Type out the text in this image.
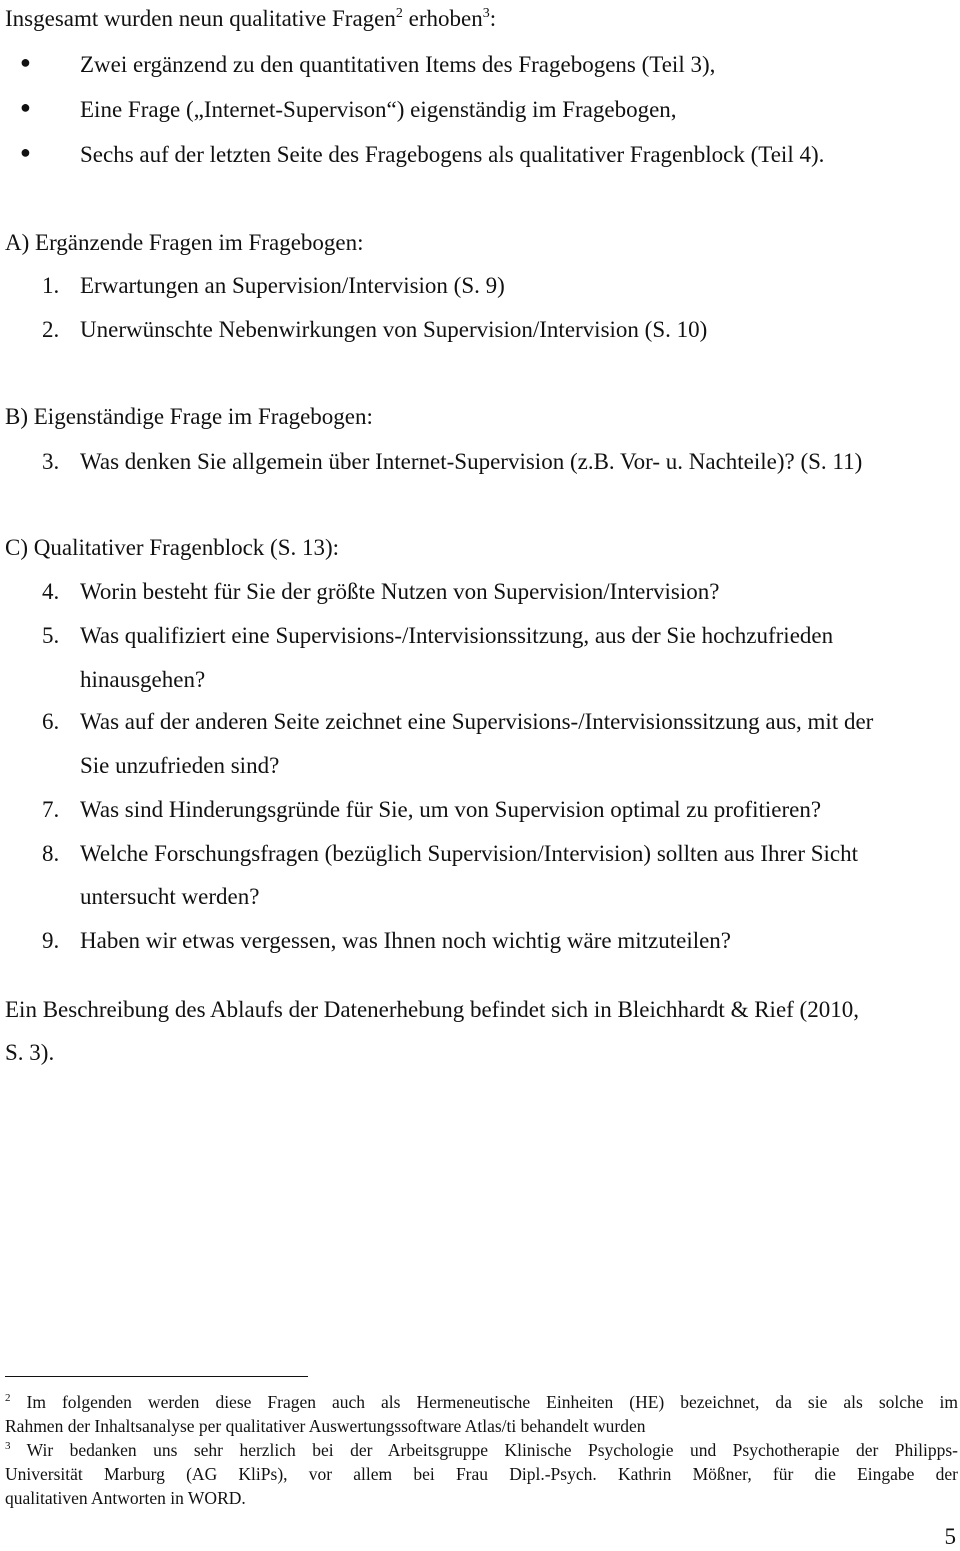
Insgesamt wurden neun qualitative Fragen$^2$ erhoben$^3$:
● Zwei ergänzend zu den quantitativen Items des Fragebogens (Teil 3),
● Eine Frage („Internet-Supervison“) eigenständig im Fragebogen,
● Sechs auf der letzten Seite des Fragebogens als qualitativer Fragenblock (Teil 4).
A) Ergänzende Fragen im Fragebogen:
1. Erwartungen an Supervision/Intervision (S. 9)
2. Unerwünschte Nebenwirkungen von Supervision/Intervision (S. 10)
B) Eigenständige Frage im Fragebogen:
3. Was denken Sie allgemein über Internet-Supervision (z.B. Vor- u. Nachteile)? (S. 11)
C) Qualitativer Fragenblock (S. 13):
4. Worin besteht für Sie der größte Nutzen von Supervision/Intervision?
5. Was qualifiziert eine Supervisions-/Intervisionssitzung, aus der Sie hochzufrieden
hinausgehen?
6. Was auf der anderen Seite zeichnet eine Supervisions-/Intervisionssitzung aus, mit der
Sie unzufrieden sind?
7. Was sind Hinderungsgründe für Sie, um von Supervision optimal zu profitieren?
8. Welche Forschungsfragen (bezüglich Supervision/Intervision) sollten aus Ihrer Sicht
untersucht werden?
9. Haben wir etwas vergessen, was Ihnen noch wichtig wäre mitzuteilen?
Ein Beschreibung des Ablaufs der Datenerhebung befindet sich in Bleichhardt & Rief (2010,
S. 3).
$^2$ Im folgenden werden diese Fragen auch als Hermeneutische Einheiten (HE) bezeichnet, da sie als solche im
Rahmen der Inhaltsanalyse per qualitativer Auswertungssoftware Atlas/ti behandelt wurden
$^3$ Wir bedanken uns sehr herzlich bei der Arbeitsgruppe Klinische Psychologie und Psychotherapie der Philipps-
Universität Marburg (AG KliPs), vor allem bei Frau Dipl.-Psych. Kathrin Mößner, für die Eingabe der
qualitativen Antworten in WORD.
5
